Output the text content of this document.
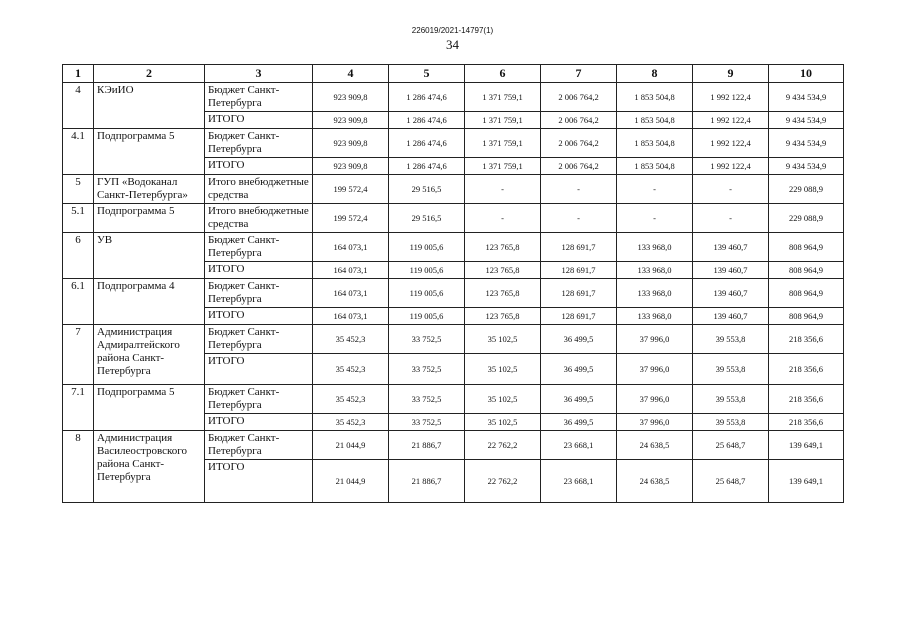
226019/2021-14797(1)
34
1	2	3	4	5	6	7	8	9	10
4	КЭиИО	Бюджет Санкт-Петербурга	923 909,8	1 286 474,6	1 371 759,1	2 006 764,2	1 853 504,8	1 992 122,4	9 434 534,9
		ИТОГО	923 909,8	1 286 474,6	1 371 759,1	2 006 764,2	1 853 504,8	1 992 122,4	9 434 534,9
4.1	Подпрограмма 5	Бюджет Санкт-Петербурга	923 909,8	1 286 474,6	1 371 759,1	2 006 764,2	1 853 504,8	1 992 122,4	9 434 534,9
		ИТОГО	923 909,8	1 286 474,6	1 371 759,1	2 006 764,2	1 853 504,8	1 992 122,4	9 434 534,9
5	ГУП «Водоканал Санкт-Петербурга»	Итого внебюджетные средства	199 572,4	29 516,5	-	-	-	-	229 088,9
5.1	Подпрограмма 5	Итого внебюджетные средства	199 572,4	29 516,5	-	-	-	-	229 088,9
6	УВ	Бюджет Санкт-Петербурга	164 073,1	119 005,6	123 765,8	128 691,7	133 968,0	139 460,7	808 964,9
		ИТОГО	164 073,1	119 005,6	123 765,8	128 691,7	133 968,0	139 460,7	808 964,9
6.1	Подпрограмма 4	Бюджет Санкт-Петербурга	164 073,1	119 005,6	123 765,8	128 691,7	133 968,0	139 460,7	808 964,9
		ИТОГО	164 073,1	119 005,6	123 765,8	128 691,7	133 968,0	139 460,7	808 964,9
7	Администрация Адмиралтейского района Санкт-Петербурга	Бюджет Санкт-Петербурга	35 452,3	33 752,5	35 102,5	36 499,5	37 996,0	39 553,8	218 356,6
		ИТОГО	35 452,3	33 752,5	35 102,5	36 499,5	37 996,0	39 553,8	218 356,6
7.1	Подпрограмма 5	Бюджет Санкт-Петербурга	35 452,3	33 752,5	35 102,5	36 499,5	37 996,0	39 553,8	218 356,6
		ИТОГО	35 452,3	33 752,5	35 102,5	36 499,5	37 996,0	39 553,8	218 356,6
8	Администрация Василеостровского района Санкт-Петербурга	Бюджет Санкт-Петербурга	21 044,9	21 886,7	22 762,2	23 668,1	24 638,5	25 648,7	139 649,1
		ИТОГО	21 044,9	21 886,7	22 762,2	23 668,1	24 638,5	25 648,7	139 649,1
